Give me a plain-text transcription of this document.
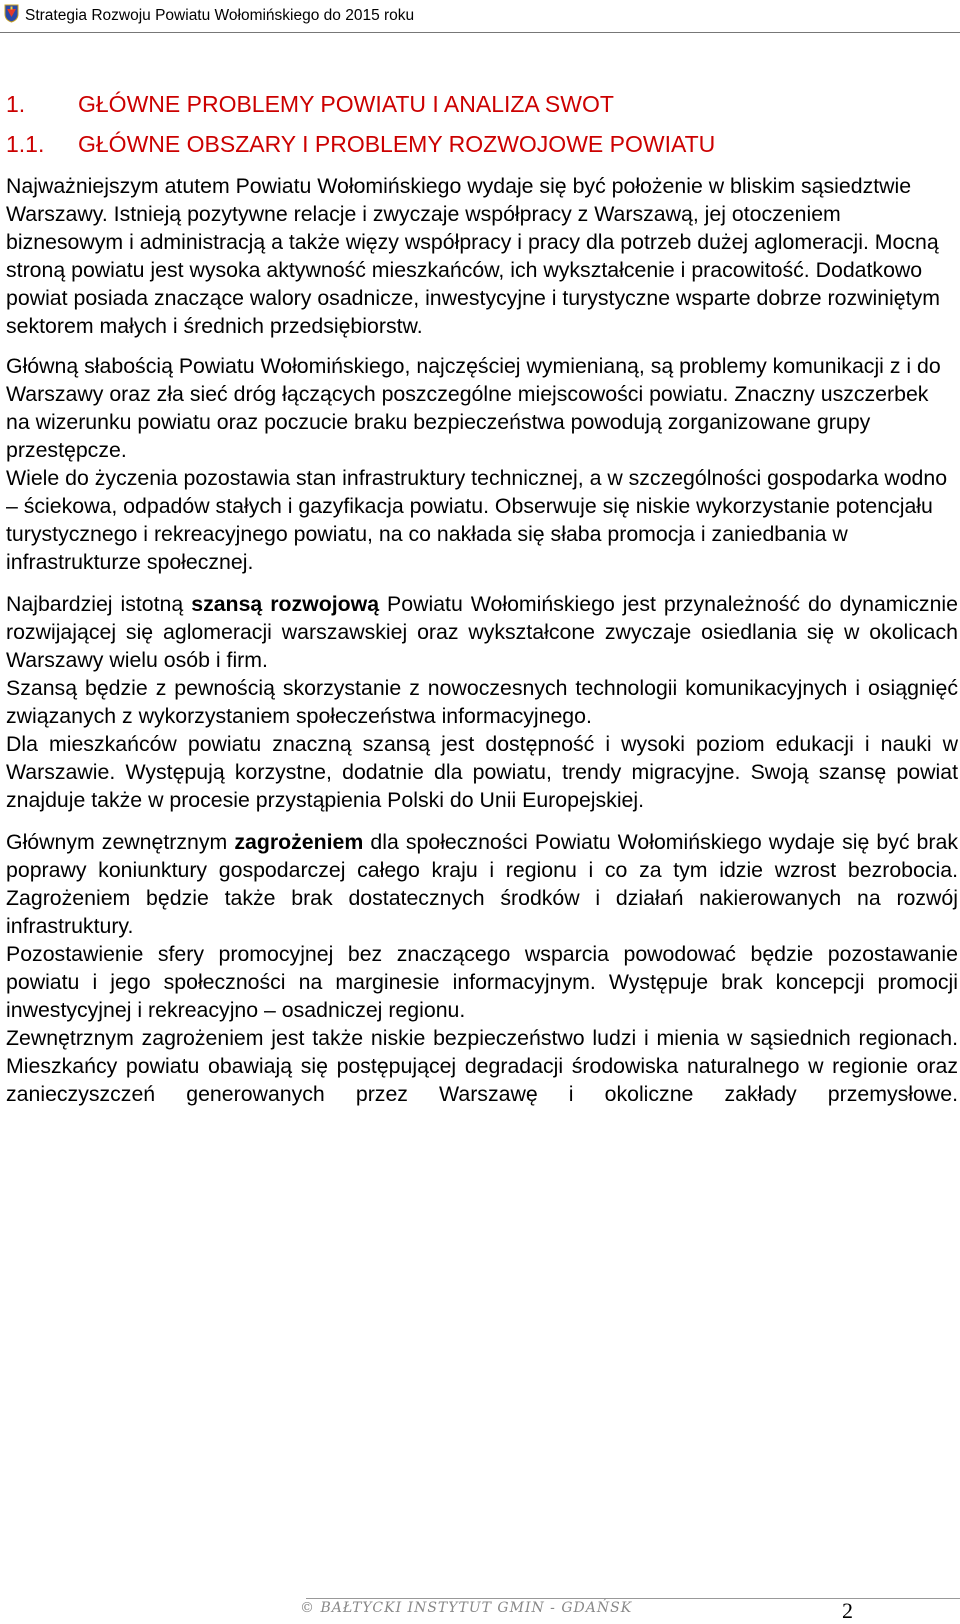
Strategia Rozwoju Powiatu Wołomińskiego do 2015 roku
1. GŁÓWNE PROBLEMY POWIATU I ANALIZA SWOT
1.1. GŁÓWNE OBSZARY I PROBLEMY ROZWOJOWE POWIATU

Najważniejszym atutem Powiatu Wołomińskiego wydaje się być położenie w bliskim sąsiedztwie Warszawy. Istnieją pozytywne relacje i zwyczaje współpracy z Warszawą, jej otoczeniem biznesowym i administracją a także więzy współpracy i pracy dla potrzeb dużej aglomeracji. Mocną stroną powiatu jest wysoka aktywność mieszkańców, ich wykształcenie i pracowitość. Dodatkowo powiat posiada znaczące walory osadnicze, inwestycyjne i turystyczne wsparte dobrze rozwiniętym sektorem małych i średnich przedsiębiorstw.

Główną słabością Powiatu Wołomińskiego, najczęściej wymienianą, są problemy komunikacji z i do Warszawy oraz zła sieć dróg łączących poszczególne miejscowości powiatu. Znaczny uszczerbek na wizerunku powiatu oraz poczucie braku bezpieczeństwa powodują zorganizowane grupy przestępcze.

Wiele do życzenia pozostawia stan infrastruktury technicznej, a w szczególności gospodarka wodno – ściekowa, odpadów stałych i gazyfikacja powiatu. Obserwuje się niskie wykorzystanie potencjału turystycznego i rekreacyjnego powiatu, na co nakłada się słaba promocja i zaniedbania w infrastrukturze społecznej.

Najbardziej istotną szansą rozwojową Powiatu Wołomińskiego jest przynależność do dynamicznie rozwijającej się aglomeracji warszawskiej oraz wykształcone zwyczaje osiedlania się w okolicach Warszawy wielu osób i firm.

Szansą będzie z pewnością skorzystanie z nowoczesnych technologii komunikacyjnych i osiągnięć związanych z wykorzystaniem społeczeństwa informacyjnego.

Dla mieszkańców powiatu znaczną szansą jest dostępność i wysoki poziom edukacji i nauki w Warszawie. Występują korzystne, dodatnie dla powiatu, trendy migracyjne. Swoją szansę powiat znajduje także w procesie przystąpienia Polski do Unii Europejskiej.

Głównym zewnętrznym zagrożeniem dla społeczności Powiatu Wołomińskiego wydaje się być brak poprawy koniunktury gospodarczej całego kraju i regionu i co za tym idzie wzrost bezrobocia. Zagrożeniem będzie także brak dostatecznych środków i działań nakierowanych na rozwój infrastruktury.

Pozostawienie sfery promocyjnej bez znaczącego wsparcia powodować będzie pozostawanie powiatu i jego społeczności na marginesie informacyjnym. Występuje brak koncepcji promocji inwestycyjnej i rekreacyjno – osadniczej regionu.

Zewnętrznym zagrożeniem jest także niskie bezpieczeństwo ludzi i mienia w sąsiednich regionach. Mieszkańcy powiatu obawiają się postępującej degradacji środowiska naturalnego w regionie oraz zanieczyszczeń generowanych przez Warszawę i okoliczne zakłady przemysłowe.

© BAŁTYCKI INSTYTUT GMIN - GDAŃSK	2
